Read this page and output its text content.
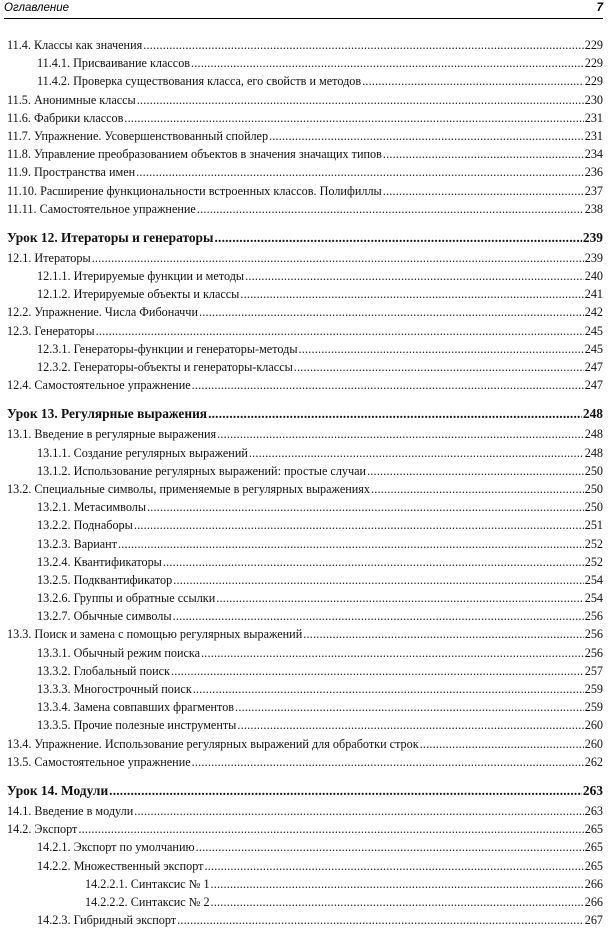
Оглавление	7
11.4. Классы как значения .....	229
11.4.1. Присваивание классов .....	229
11.4.2. Проверка существования класса, его свойств и методов .....	229
11.5. Анонимные классы .....	230
11.6. Фабрики классов .....	231
11.7. Упражнение. Усовершенствованный спойлер .....	231
11.8. Управление преобразованием объектов в значения значащих типов .....	234
11.9. Пространства имен .....	236
11.10. Расширение функциональности встроенных классов. Полифиллы .....	237
11.11. Самостоятельное упражнение .....	238
Урок 12. Итераторы и генераторы .....	239
12.1. Итераторы .....	239
12.1.1. Итерируемые функции и методы .....	240
12.1.2. Итерируемые объекты и классы .....	241
12.2. Упражнение. Числа Фибоначчи .....	242
12.3. Генераторы .....	245
12.3.1. Генераторы-функции и генераторы-методы .....	245
12.3.2. Генераторы-объекты и генераторы-классы .....	247
12.4. Самостоятельное упражнение .....	247
Урок 13. Регулярные выражения .....	248
13.1. Введение в регулярные выражения .....	248
13.1.1. Создание регулярных выражений .....	248
13.1.2. Использование регулярных выражений: простые случаи .....	250
13.2. Специальные символы, применяемые в регулярных выражениях .....	250
13.2.1. Метасимволы .....	250
13.2.2. Поднаборы .....	251
13.2.3. Вариант .....	252
13.2.4. Квантификаторы .....	252
13.2.5. Подквантификатор .....	254
13.2.6. Группы и обратные ссылки .....	254
13.2.7. Обычные символы .....	256
13.3. Поиск и замена с помощью регулярных выражений .....	256
13.3.1. Обычный режим поиска .....	256
13.3.2. Глобальный поиск .....	257
13.3.3. Многострочный поиск .....	259
13.3.4. Замена совпавших фрагментов .....	259
13.3.5. Прочие полезные инструменты .....	260
13.4. Упражнение. Использование регулярных выражений для обработки строк .....	260
13.5. Самостоятельное упражнение .....	262
Урок 14. Модули .....	263
14.1. Введение в модули .....	263
14.2. Экспорт .....	265
14.2.1. Экспорт по умолчанию .....	265
14.2.2. Множественный экспорт .....	265
14.2.2.1. Синтаксис № 1 .....	266
14.2.2.2. Синтаксис № 2 .....	266
14.2.3. Гибридный экспорт .....	267
